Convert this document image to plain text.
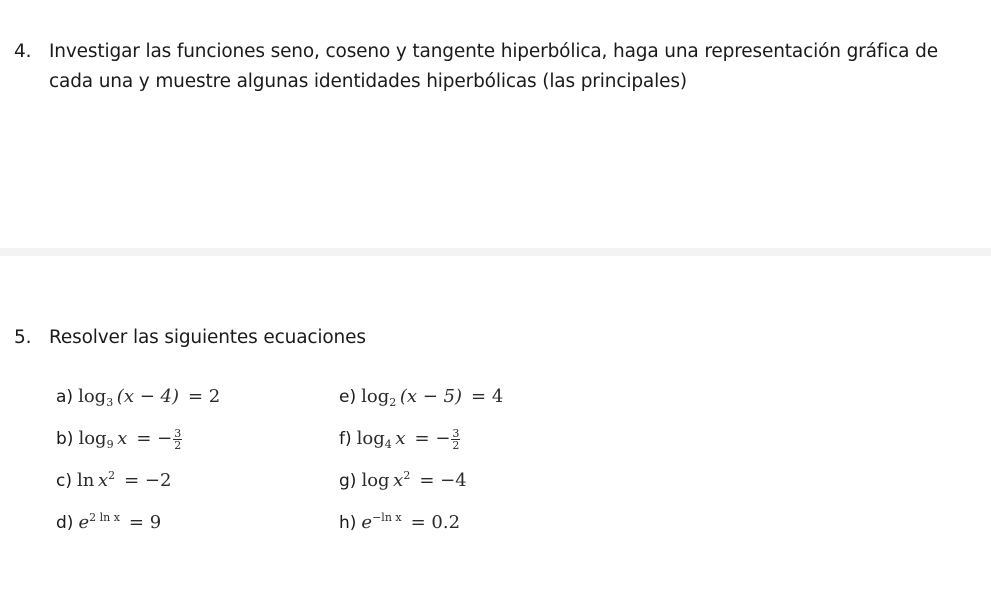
4. Investigar las funciones seno, coseno y tangente hiperbólica, haga una representación gráfica de cada una y muestre algunas identidades hiperbólicas (las principales)
5. Resolver las siguientes ecuaciones
a) $\log_3 (x - 4)$  = 2
b) $\log_9 x$  = − $\frac{3}{2}$
c) $\ln x^2$  = −2
d) $e^{2 ln x}$  = 9
e) $\log_2 (x - 5)$  = 4
f) $\log_4 x$  = − $\frac{3}{2}$
g) $\log x^2$  = −4
h) $e^{-ln x}$  = 0.2
